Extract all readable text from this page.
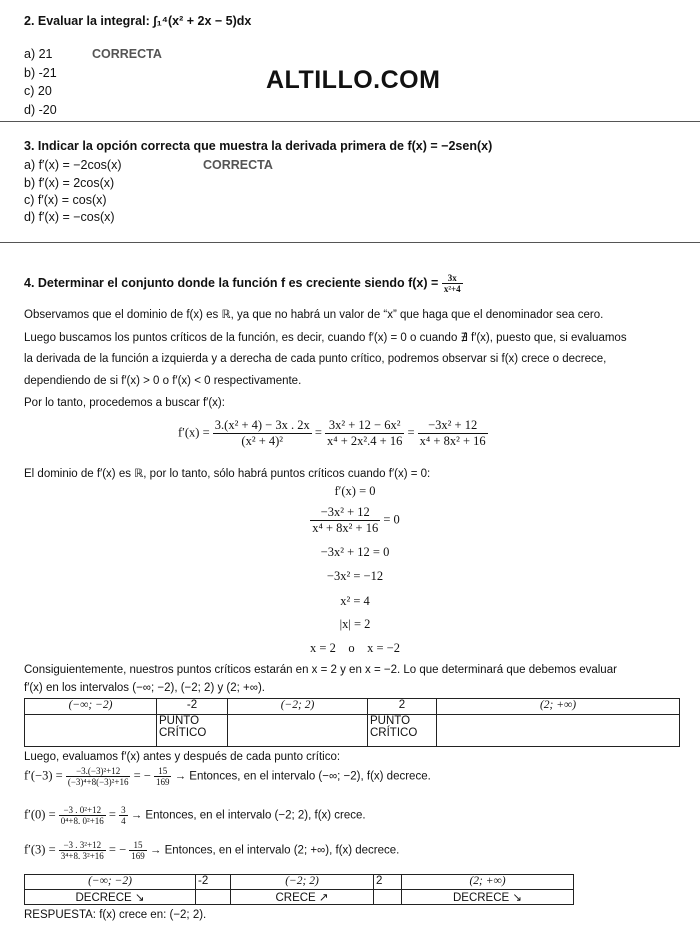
2. Evaluar la integral: ∫₁⁴(x² + 2x − 5)dx
a) 21	CORRECTA
b) -21
c) 20
d) -20
ALTILLO.COM
3. Indicar la opción correcta que muestra la derivada primera de f(x) = −2sen(x)
a) f′(x) = −2cos(x)	CORRECTA
b) f′(x) = 2cos(x)
c) f′(x) = cos(x)
d) f′(x) = −cos(x)
4. Determinar el conjunto donde la función f es creciente siendo $f(x) = \frac{3x}{\text{x²+4}}$
Observamos que el dominio de f(x) es ℝ, ya que no habrá un valor de “x” que haga que el denominador sea cero.
Luego buscamos los puntos críticos de la función, es decir, cuando f′(x) = 0 o cuando ∄ f′(x), puesto que, si evaluamos
la derivada de la función a izquierda y a derecha de cada punto crítico, podremos observar si f(x) crece o decrece,
dependiendo de si f′(x) > 0 o f′(x) < 0 respectivamente.
Por lo tanto, procedemos a buscar f′(x):
$f'(x) = \frac{\text{3.(x² + 4) − 3x . 2x}}{\text{(x² + 4)²}} = \frac{\text{3x² + 12 − 6x²}}{\text{x⁴ + 2x².4 + 16}} = \frac{\text{−3x² + 12}}{\text{x⁴ + 8x² + 16}}$
El dominio de f′(x) es ℝ, por lo tanto, sólo habrá puntos críticos cuando f′(x) = 0:
f′(x) = 0
$\frac{\text{−3x² + 12}}{\text{x⁴ + 8x² + 16}} = 0$
−3x² + 12 = 0
−3x² = −12
x² = 4
|x| = 2
x = 2    o    x = −2
Consiguientemente, nuestros puntos críticos estarán en x = 2 y en x = −2. Lo que determinará que debemos evaluar
f′(x) en los intervalos (−∞; −2), (−2; 2) y (2; +∞).
(−∞; −2)	-2	(−2; 2)	2	(2; +∞)
	PUNTO CRÍTICO		PUNTO CRÍTICO	
Luego, evaluamos f′(x) antes y después de cada punto crítico:
$f'(-3) = \frac{\text{−3.(−3)²+12}}{\text{(−3)⁴+8(−3)²+16}}$ = − $\frac{15}{169}$ → Entonces, en el intervalo (−∞; −2), f(x) decrece.
$f'(0) = \frac{\text{−3 . 0²+12}}{\text{0⁴+8. 0²+16}} = \frac{3}{4}$ → Entonces, en el intervalo (−2; 2), f(x) crece.
$f'(3) = \frac{\text{−3 . 3²+12}}{\text{3⁴+8. 3²+16}}$ = − $\frac{15}{169}$ → Entonces, en el intervalo (2; +∞), f(x) decrece.
(−∞; −2)	-2	(−2; 2)	2	(2; +∞)
DECRECE ↘		CRECE ↗		DECRECE ↘
RESPUESTA: f(x) crece en: (−2; 2).
